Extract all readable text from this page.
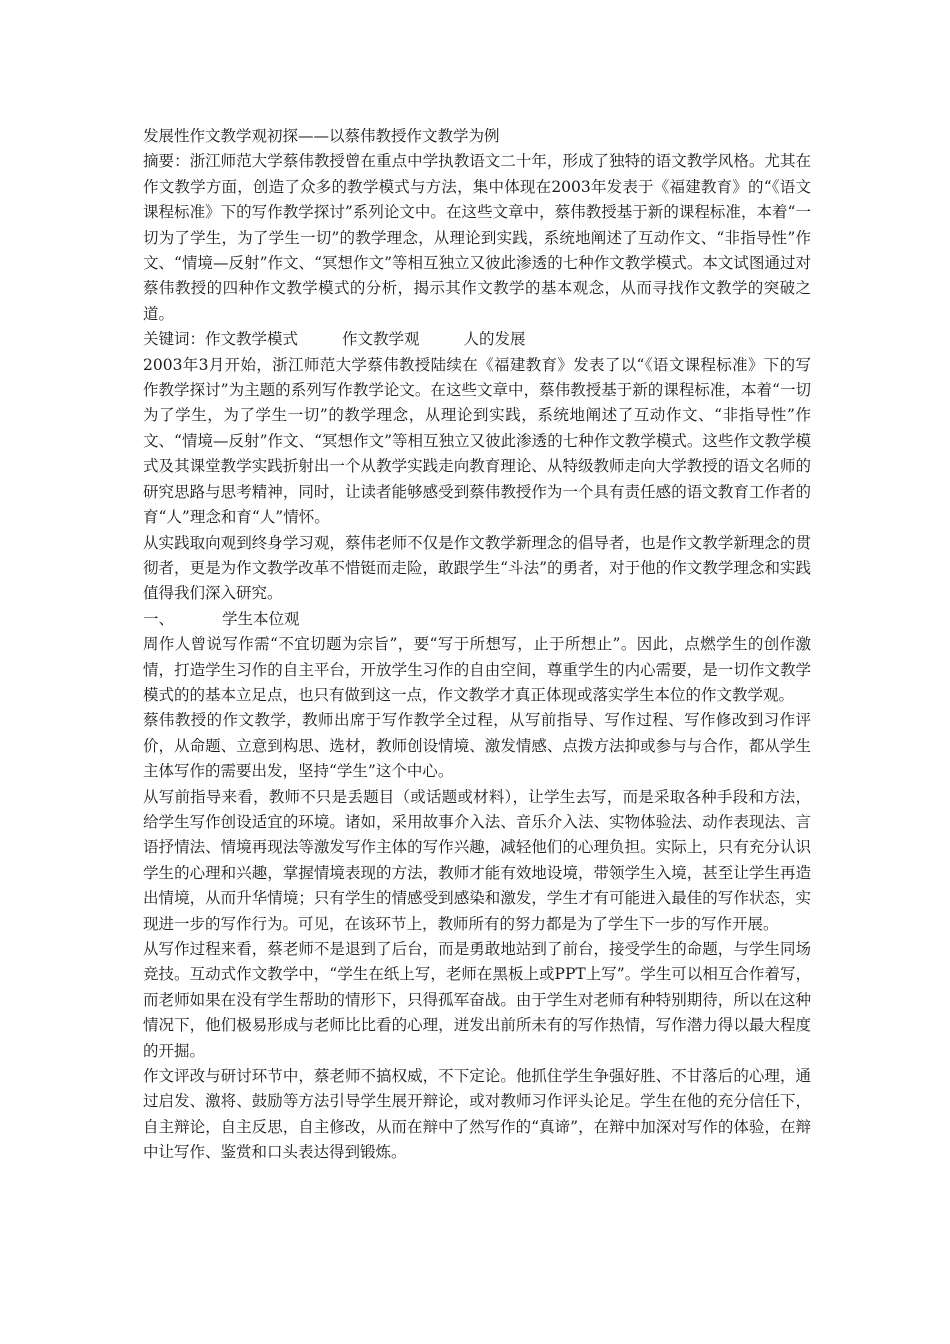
发展性作文教学观初探——以蔡伟教授作文教学为例

摘要：浙江师范大学蔡伟教授曾在重点中学执教语文二十年，形成了独特的语文教学风格。尤其在作文教学方面，创造了众多的教学模式与方法，集中体现在2003年发表于《福建教育》的“《语文课程标准》下的写作教学探讨”系列论文中。在这些文章中，蔡伟教授基于新的课程标准，本着“一切为了学生，为了学生一切”的教学理念，从理论到实践，系统地阐述了互动作文、“非指导性”作文、“情境—反射”作文、“冥想作文”等相互独立又彼此渗透的七种作文教学模式。本文试图通过对蔡伟教授的四种作文教学模式的分析，揭示其作文教学的基本观念，从而寻找作文教学的突破之道。

关键词：作文教学模式	作文教学观	人的发展

2003年3月开始，浙江师范大学蔡伟教授陆续在《福建教育》发表了以“《语文课程标准》下的写作教学探讨”为主题的系列写作教学论文。在这些文章中，蔡伟教授基于新的课程标准，本着“一切为了学生，为了学生一切”的教学理念，从理论到实践，系统地阐述了互动作文、“非指导性”作文、“情境—反射”作文、“冥想作文”等相互独立又彼此渗透的七种作文教学模式。这些作文教学模式及其课堂教学实践折射出一个从教学实践走向教育理论、从特级教师走向大学教授的语文名师的研究思路与思考精神，同时，让读者能够感受到蔡伟教授作为一个具有责任感的语文教育工作者的育“人”理念和育“人”情怀。

从实践取向观到终身学习观，蔡伟老师不仅是作文教学新理念的倡导者，也是作文教学新理念的贯彻者，更是为作文教学改革不惜铤而走险，敢跟学生“斗法”的勇者，对于他的作文教学理念和实践值得我们深入研究。

一、	学生本位观

周作人曾说写作需“不宜切题为宗旨”，要“写于所想写，止于所想止”。因此，点燃学生的创作激情，打造学生习作的自主平台，开放学生习作的自由空间，尊重学生的内心需要，是一切作文教学模式的的基本立足点，也只有做到这一点，作文教学才真正体现或落实学生本位的作文教学观。

蔡伟教授的作文教学，教师出席于写作教学全过程，从写前指导、写作过程、写作修改到习作评价，从命题、立意到构思、选材，教师创设情境、激发情感、点拨方法抑或参与与合作，都从学生主体写作的需要出发，坚持“学生”这个中心。

从写前指导来看，教师不只是丢题目（或话题或材料），让学生去写，而是采取各种手段和方法，给学生写作创设适宜的环境。诸如，采用故事介入法、音乐介入法、实物体验法、动作表现法、言语抒情法、情境再现法等激发写作主体的写作兴趣，减轻他们的心理负担。实际上，只有充分认识学生的心理和兴趣，掌握情境表现的方法，教师才能有效地设境，带领学生入境，甚至让学生再造出情境，从而升华情境；只有学生的情感受到感染和激发，学生才有可能进入最佳的写作状态，实现进一步的写作行为。可见，在该环节上，教师所有的努力都是为了学生下一步的写作开展。

从写作过程来看，蔡老师不是退到了后台，而是勇敢地站到了前台，接受学生的命题，与学生同场竞技。互动式作文教学中，“学生在纸上写，老师在黑板上或PPT上写”。学生可以相互合作着写，而老师如果在没有学生帮助的情形下，只得孤军奋战。由于学生对老师有种特别期待，所以在这种情况下，他们极易形成与老师比比看的心理，迸发出前所未有的写作热情，写作潜力得以最大程度的开掘。

作文评改与研讨环节中，蔡老师不搞权威，不下定论。他抓住学生争强好胜、不甘落后的心理，通过启发、激将、鼓励等方法引导学生展开辩论，或对教师习作评头论足。学生在他的充分信任下，自主辩论，自主反思，自主修改，从而在辩中了然写作的“真谛”，在辩中加深对写作的体验，在辩中让写作、鉴赏和口头表达得到锻炼。
